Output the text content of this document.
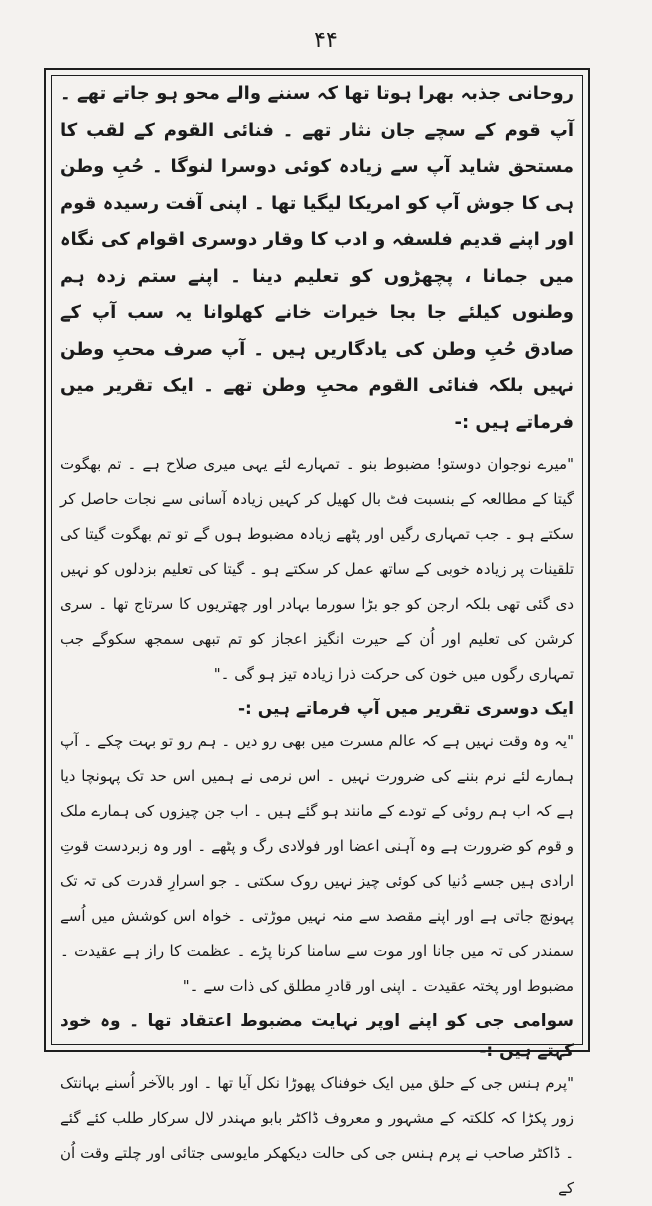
۴۴

روحانی جذبہ بھرا ہوتا تھا کہ سننے والے محو ہو جاتے تھے ۔ آپ قوم کے سچے جان نثار تھے ۔ فنائی القوم کے لقب کا مستحق شاید آپ سے زیادہ کوئی دوسرا لنوگا ۔ حُبِ وطن ہی کا جوش آپ کو امریکا لیگیا تھا ۔ اپنی آفت رسیدہ قوم اور اپنے قدیم فلسفہ و ادب کا وقار دوسری اقوام کی نگاہ میں جمانا ، پچھڑوں کو تعلیم دینا ۔ اپنے ستم زدہ ہم وطنوں کیلئے جا بجا خیرات خانے کھلوانا یہ سب آپ کے صادق حُبِ وطن کی یادگاریں ہیں ۔ آپ صرف محبِ وطن نہیں بلکہ فنائی القوم محبِ وطن تھے ۔ ایک تقریر میں فرماتے ہیں :-

"میرے نوجوان دوستو! مضبوط بنو ۔ تمہارے لئے یہی میری صلاح ہے ۔ تم بھگوت گیتا کے مطالعہ کے بنسبت فٹ بال کھیل کر کہیں زیادہ آسانی سے نجات حاصل کر سکتے ہو ۔ جب تمہاری رگیں اور پٹھے زیادہ مضبوط ہوں گے تو تم بھگوت گیتا کی تلقینات پر زیادہ خوبی کے ساتھ عمل کر سکتے ہو ۔ گیتا کی تعلیم بزدلوں کو نہیں دی گئی تھی بلکہ ارجن کو جو بڑا سورما بہادر اور چھتریوں کا سرتاج تھا ۔ سری کرشن کی تعلیم اور اُن کے حیرت انگیز اعجاز کو تم تبھی سمجھ سکوگے جب تمہاری رگوں میں خون کی حرکت ذرا زیادہ تیز ہو گی ۔"

ایک دوسری تقریر میں آپ فرماتے ہیں :-

"یہ وہ وقت نہیں ہے کہ عالم مسرت میں بھی رو دیں ۔ ہم رو تو بہت چکے ۔ آپ ہمارے لئے نرم بننے کی ضرورت نہیں ۔ اس نرمی نے ہمیں اس حد تک پہونچا دیا ہے کہ اب ہم روئی کے تودے کے مانند ہو گئے ہیں ۔ اب جن چیزوں کی ہمارے ملک و قوم کو ضرورت ہے وہ آہنی اعضا اور فولادی رگ و پٹھے ۔ اور وہ زبردست قوتِ ارادی ہیں جسے دُنیا کی کوئی چیز نہیں روک سکتی ۔ جو اسرارِ قدرت کی تہ تک پہونچ جاتی ہے اور اپنے مقصد سے منہ نہیں موڑتی ۔ خواہ اس کوشش میں اُسے سمندر کی تہ میں جانا اور موت سے سامنا کرنا پڑے ۔ عظمت کا راز ہے عقیدت ۔ مضبوط اور پختہ عقیدت ۔ اپنی اور قادرِ مطلق کی ذات سے ۔"

سوامی جی کو اپنے اوپر نہایت مضبوط اعتقاد تھا ۔ وہ خود کہتے ہیں :-

"پرم ہنس جی کے حلق میں ایک خوفناک پھوڑا نکل آیا تھا ۔ اور بالآخر اُسنے بہانتک زور پکڑا کہ کلکتہ کے مشہور و معروف ڈاکٹر بابو مہندر لال سرکار طلب کئے گئے ۔ ڈاکٹر صاحب نے پرم ہنس جی کی حالت دیکھکر مایوسی جتائی اور چلتے وقت اُن کے
